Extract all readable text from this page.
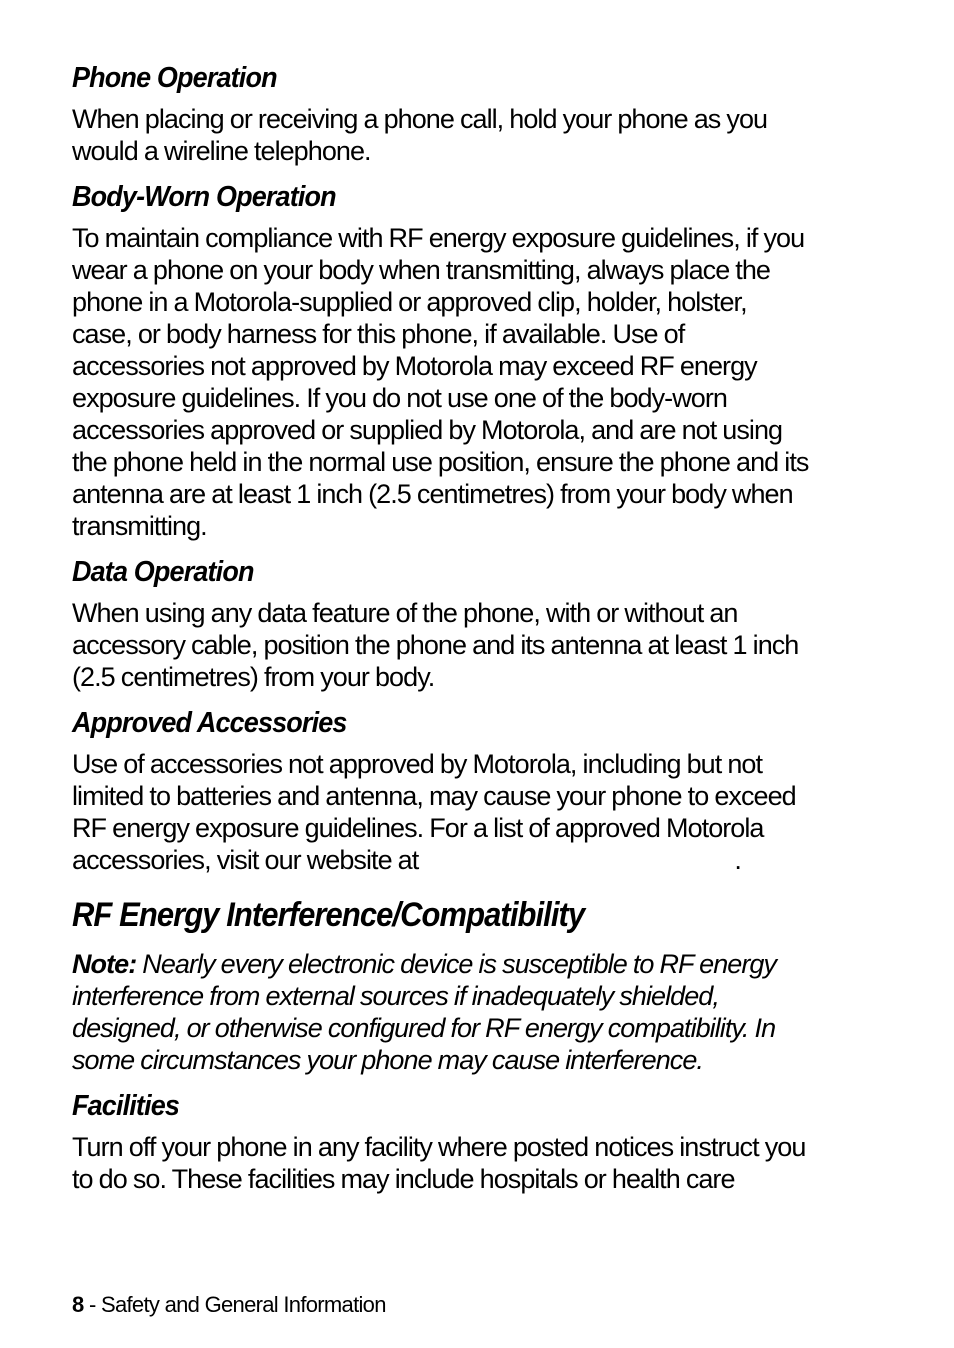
Phone Operation

When placing or receiving a phone call, hold your phone as you

would a wireline telephone.

Body-Worn Operation

To maintain compliance with RF energy exposure guidelines, if you

wear a phone on your body when transmitting, always place the

phone in a Motorola-supplied or approved clip, holder, holster,

case, or body harness for this phone, if available. Use of

accessories not approved by Motorola may exceed RF energy

exposure guidelines. If you do not use one of the body-worn

accessories approved or supplied by Motorola, and are not using

the phone held in the normal use position, ensure the phone and its

antenna are at least 1 inch (2.5 centimetres) from your body when

transmitting.

Data Operation

When using any data feature of the phone, with or without an

accessory cable, position the phone and its antenna at least 1 inch

(2.5 centimetres) from your body.

Approved Accessories

Use of accessories not approved by Motorola, including but not

limited to batteries and antenna, may cause your phone to exceed

RF energy exposure guidelines. For a list of approved Motorola

accessories, visit our website at	.

RF Energy Interference/Compatibility

Note: Nearly every electronic device is susceptible to RF energy

interference from external sources if inadequately shielded,

designed, or otherwise configured for RF energy compatibility. In

some circumstances your phone may cause interference.

Facilities

Turn off your phone in any facility where posted notices instruct you

to do so. These facilities may include hospitals or health care

8 - Safety and General Information
